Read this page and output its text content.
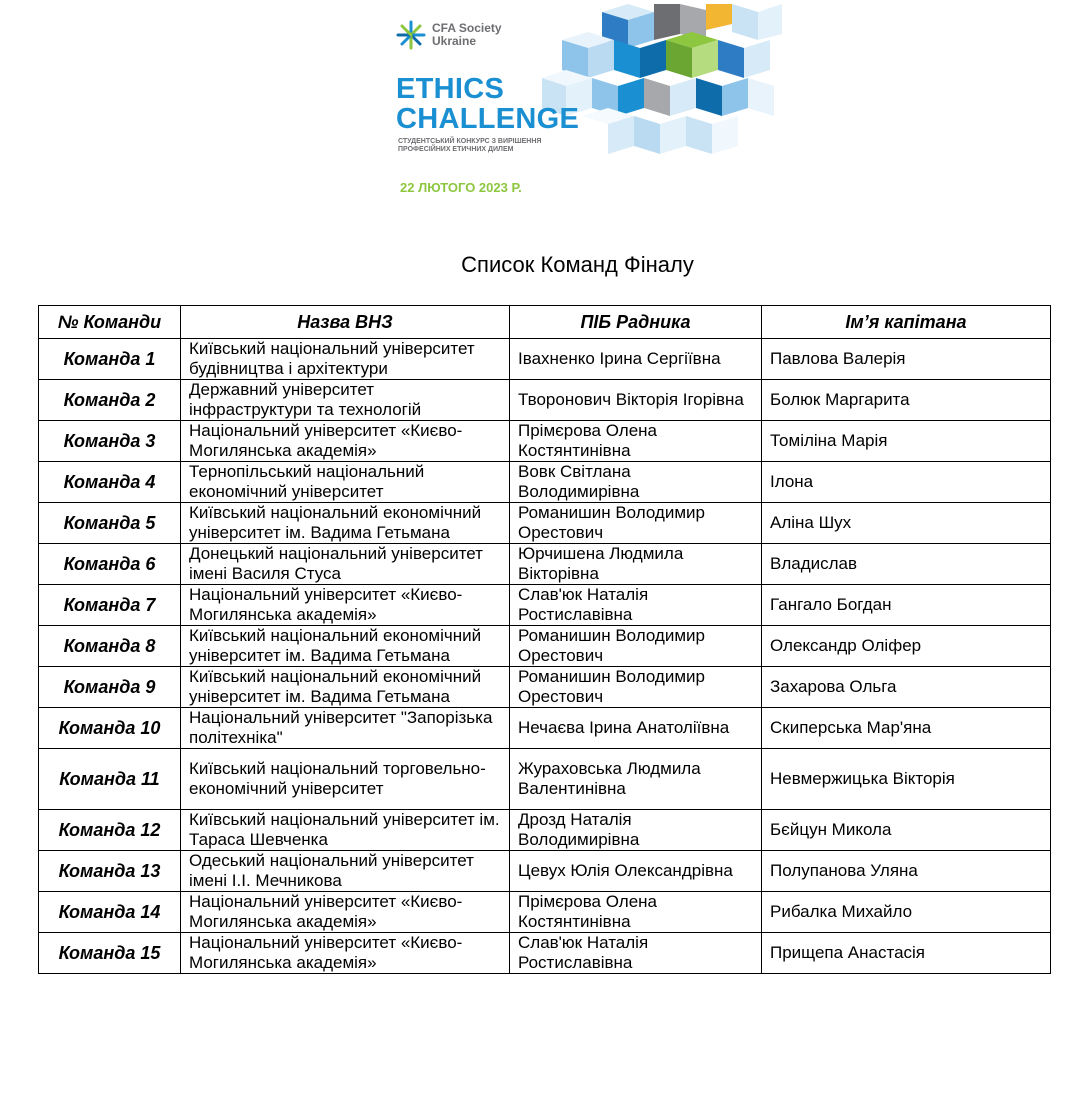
CFA Society
Ukraine
ETHICS
CHALLENGE
СТУДЕНТСЬКИЙ КОНКУРС З ВИРІШЕННЯ
ПРОФЕСІЙНИХ ЕТИЧНИХ ДИЛЕМ
22 ЛЮТОГО 2023 Р.
Список Команд Фіналу
№ Команди	Назва ВНЗ	ПІБ Радника	Ім’я капітана
Команда 1	Київський національний університет будівництва і архітектури	Івахненко Ірина Сергіївна	Павлова Валерія
Команда 2	Державний університет інфраструктури та технологій	Творонович Вікторія Ігорівна	Болюк Маргарита
Команда 3	Національний університет «Києво-Могилянська академія»	Прімєрова Олена Костянтинівна	Томіліна Марія
Команда 4	Тернопільський національний економічний університет	Вовк Світлана Володимирівна	Ілона
Команда 5	Київський національний економічний університет ім. Вадима Гетьмана	Романишин Володимир Орестович	Аліна Шух
Команда 6	Донецький національний університет імені Василя Стуса	Юрчишена Людмила Вікторівна	Владислав
Команда 7	Національний університет «Києво-Могилянська академія»	Слав'юк Наталія Ростиславівна	Гангало Богдан
Команда 8	Київський національний економічний університет ім. Вадима Гетьмана	Романишин Володимир Орестович	Олександр Оліфер
Команда 9	Київський національний економічний університет ім. Вадима Гетьмана	Романишин Володимир Орестович	Захарова Ольга
Команда 10	Національний університет "Запорізька політехніка"	Нечаєва Ірина Анатоліївна	Скиперська Мар'яна
Команда 11	Київський національний торговельно-економічний університет	Жураховська Людмила Валентинівна	Невмержицька Вікторія
Команда 12	Київський національний університет ім. Тараса Шевченка	Дрозд Наталія Володимирівна	Бєйцун Микола
Команда 13	Одеський національний університет імені І.І. Мечникова	Цевух Юлія Олександрівна	Полупанова Уляна
Команда 14	Національний університет «Києво-Могилянська академія»	Прімєрова Олена Костянтинівна	Рибалка Михайло
Команда 15	Національний університет «Києво-Могилянська академія»	Слав'юк Наталія Ростиславівна	Прищепа Анастасія
